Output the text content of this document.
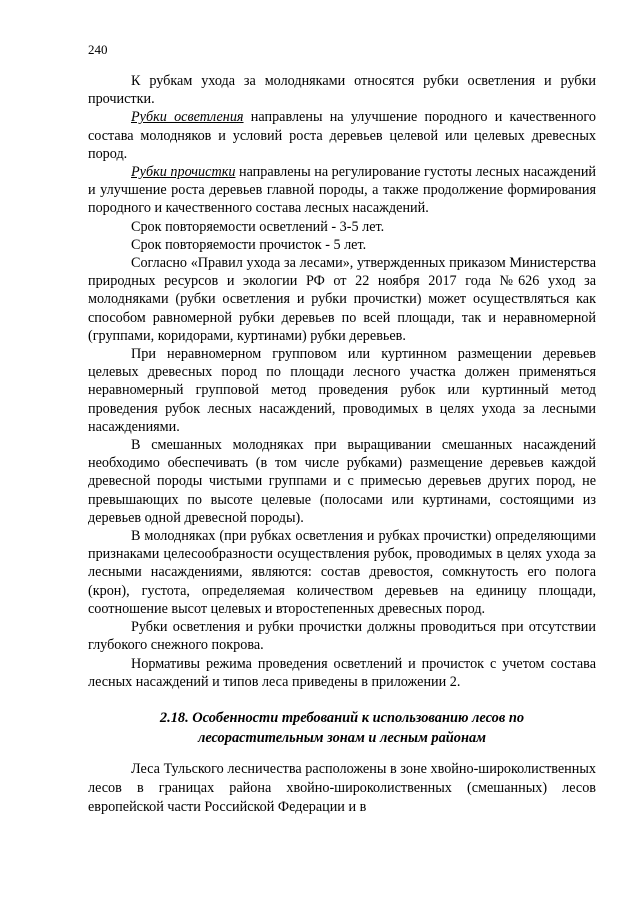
240

К рубкам ухода за молодняками относятся рубки осветления и рубки прочистки.

Рубки осветления направлены на улучшение породного и качественного состава молодняков и условий роста деревьев целевой или целевых древесных пород.

Рубки прочистки направлены на регулирование густоты лесных насаждений и улучшение роста деревьев главной породы, а также продолжение формирования породного и качественного состава лесных насаждений.

Срок повторяемости осветлений - 3-5 лет.

Срок повторяемости прочисток - 5 лет.

Согласно «Правил ухода за лесами», утвержденных приказом Министерства природных ресурсов и экологии РФ от 22 ноября 2017 года №626 уход за молодняками (рубки осветления и рубки прочистки) может осуществляться как способом равномерной рубки деревьев по всей площади, так и неравномерной (группами, коридорами, куртинами) рубки деревьев.

При неравномерном групповом или куртинном размещении деревьев целевых древесных пород по площади лесного участка должен применяться неравномерный групповой метод проведения рубок или куртинный метод проведения рубок лесных насаждений, проводимых в целях ухода за лесными насаждениями.

В смешанных молодняках при выращивании смешанных насаждений необходимо обеспечивать (в том числе рубками) размещение деревьев каждой древесной породы чистыми группами и с примесью деревьев других пород, не превышающих по высоте целевые (полосами или куртинами, состоящими из деревьев одной древесной породы).

В молодняках (при рубках осветления и рубках прочистки) определяющими признаками целесообразности осуществления рубок, проводимых в целях ухода за лесными насаждениями, являются: состав древостоя, сомкнутость его полога (крон), густота, определяемая количеством деревьев на единицу площади, соотношение высот целевых и второстепенных древесных пород.

Рубки осветления и рубки прочистки должны проводиться при отсутствии глубокого снежного покрова.

Нормативы режима проведения осветлений и прочисток с учетом состава лесных насаждений и типов леса приведены в приложении 2.

2.18. Особенности требований к использованию лесов по
лесорастительным зонам и лесным районам

Леса Тульского лесничества расположены в зоне хвойно-широколиственных лесов в границах района хвойно-широколиственных (смешанных) лесов европейской части Российской Федерации и в
